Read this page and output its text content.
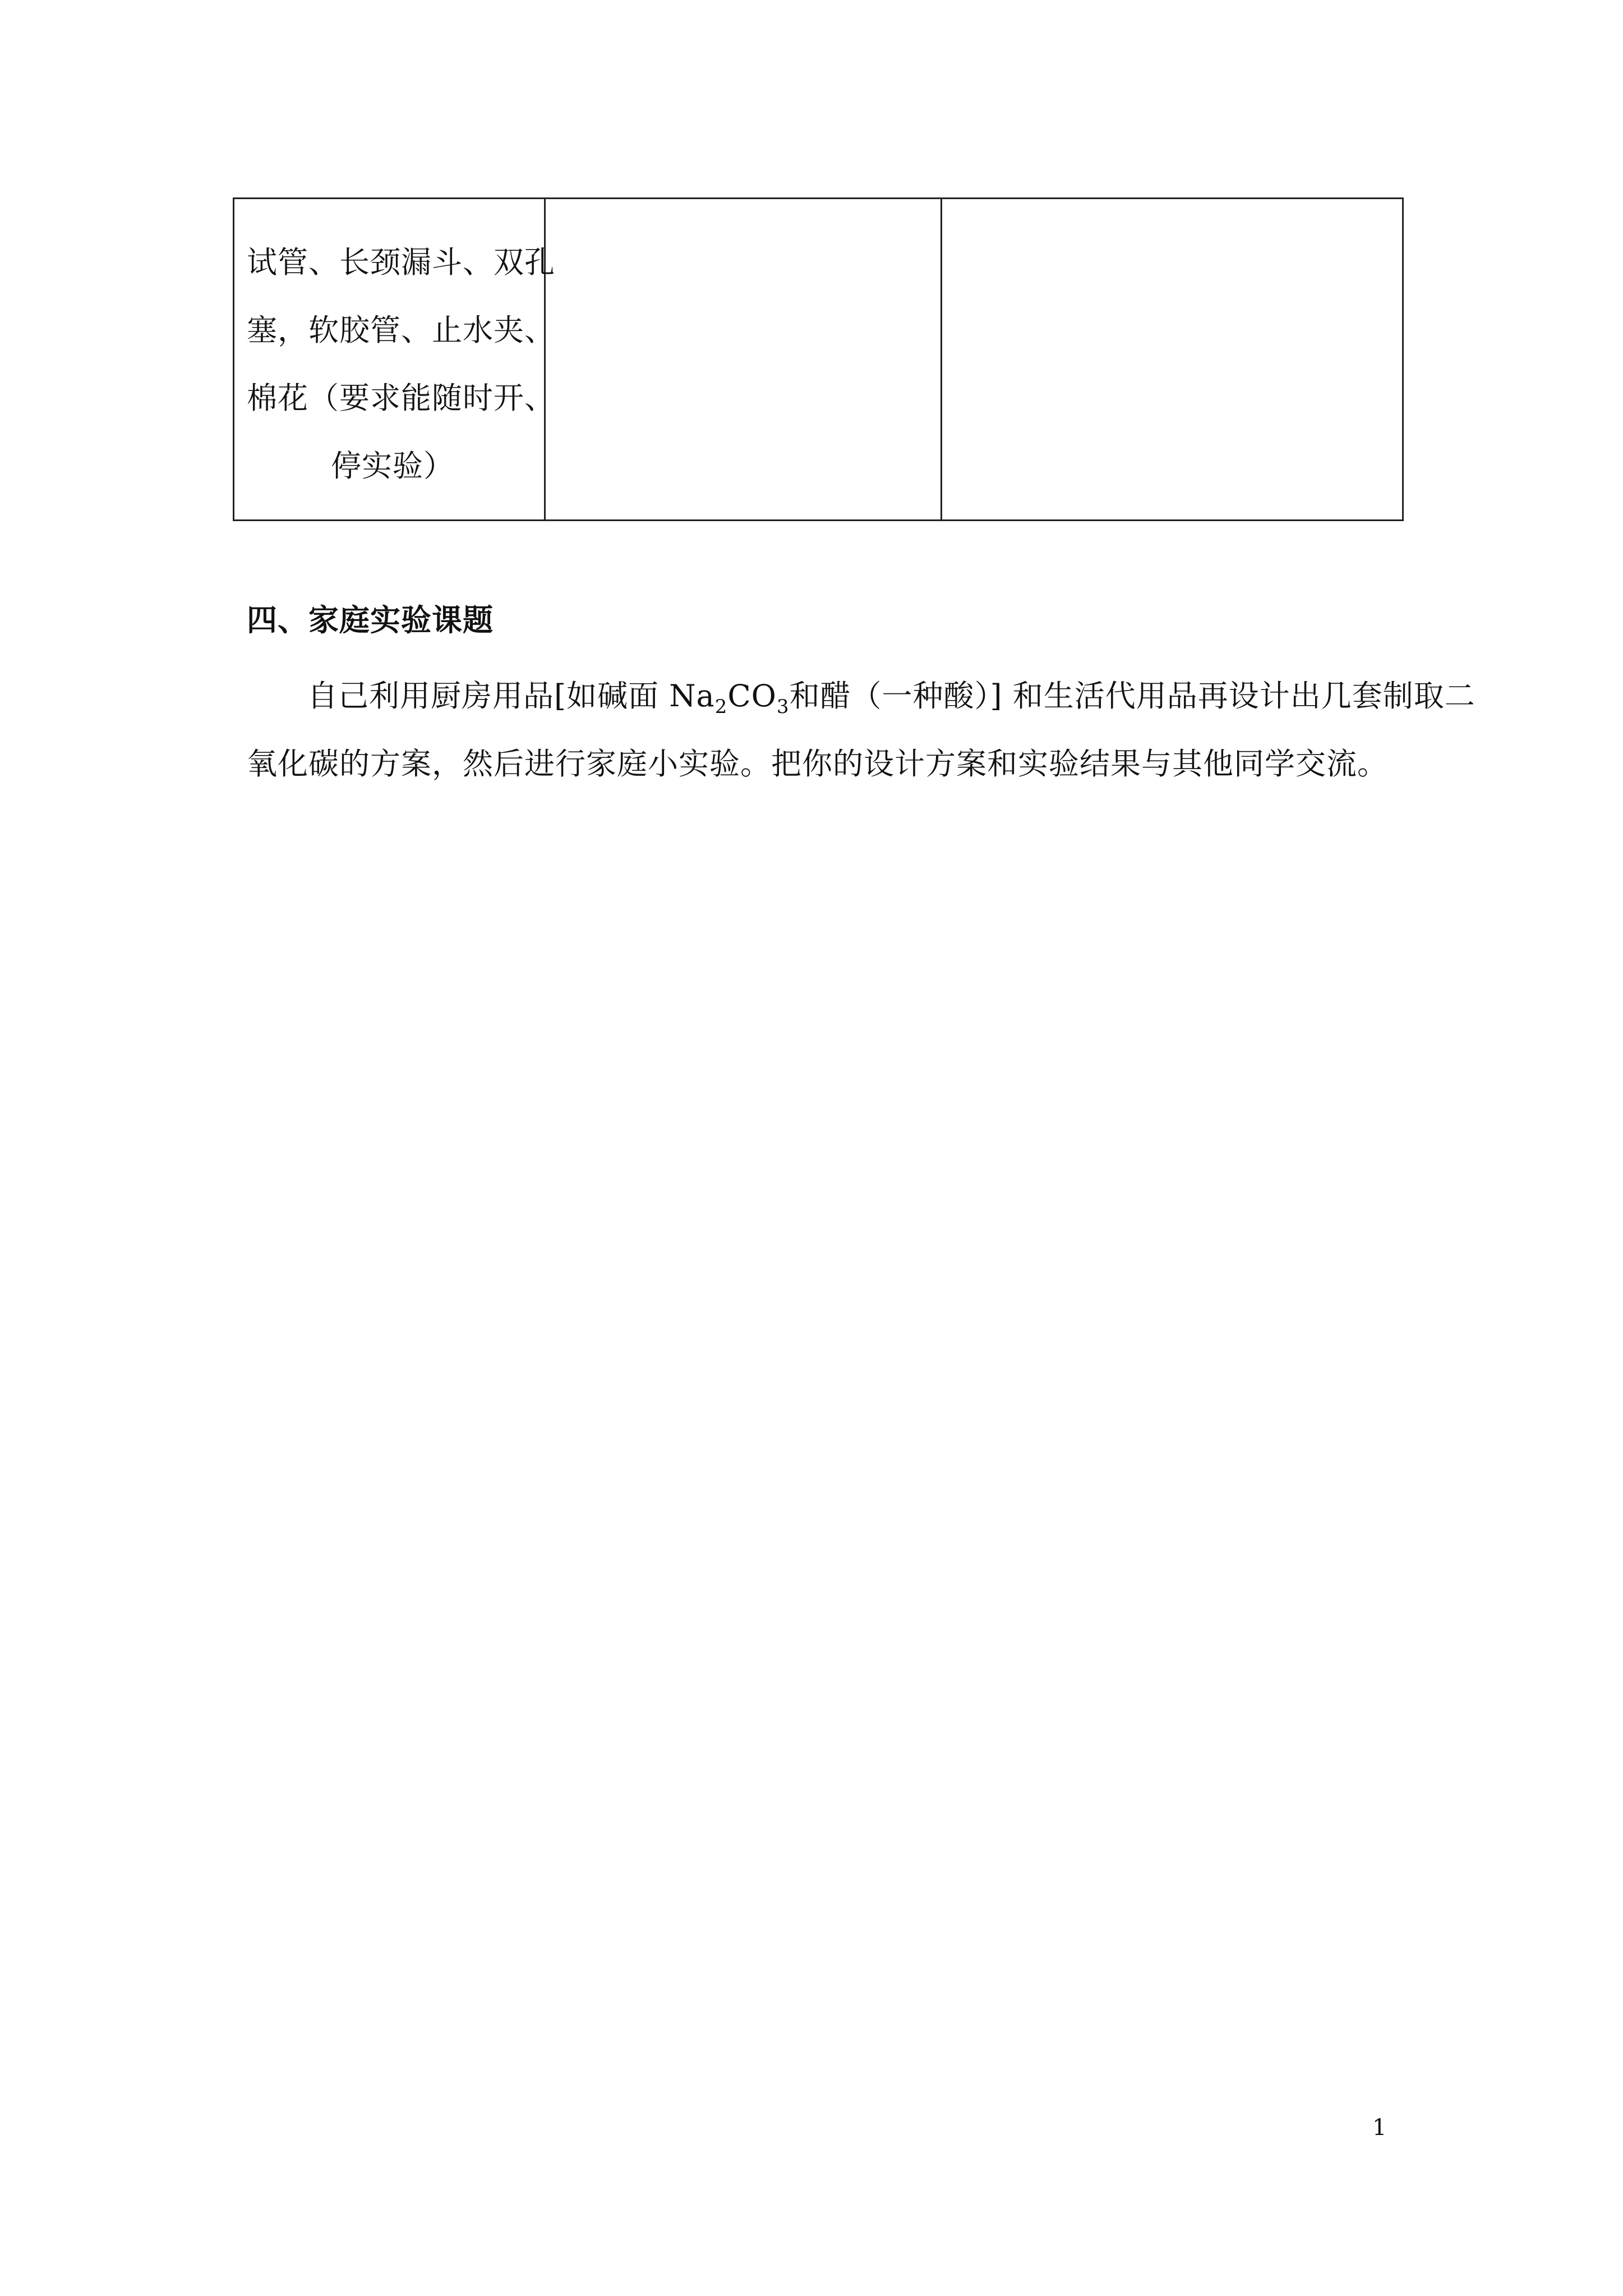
试管、长颈漏斗、双孔
塞，软胶管、止水夹、
棉花（要求能随时开、
停实验）

四、家庭实验课题

自己利用厨房用品[如碱面 $Na_2CO_3$和醋（一种酸）] 和生活代用品再设计出几套制取二
氧化碳的方案，然后进行家庭小实验。把你的设计方案和实验结果与其他同学交流。

1
